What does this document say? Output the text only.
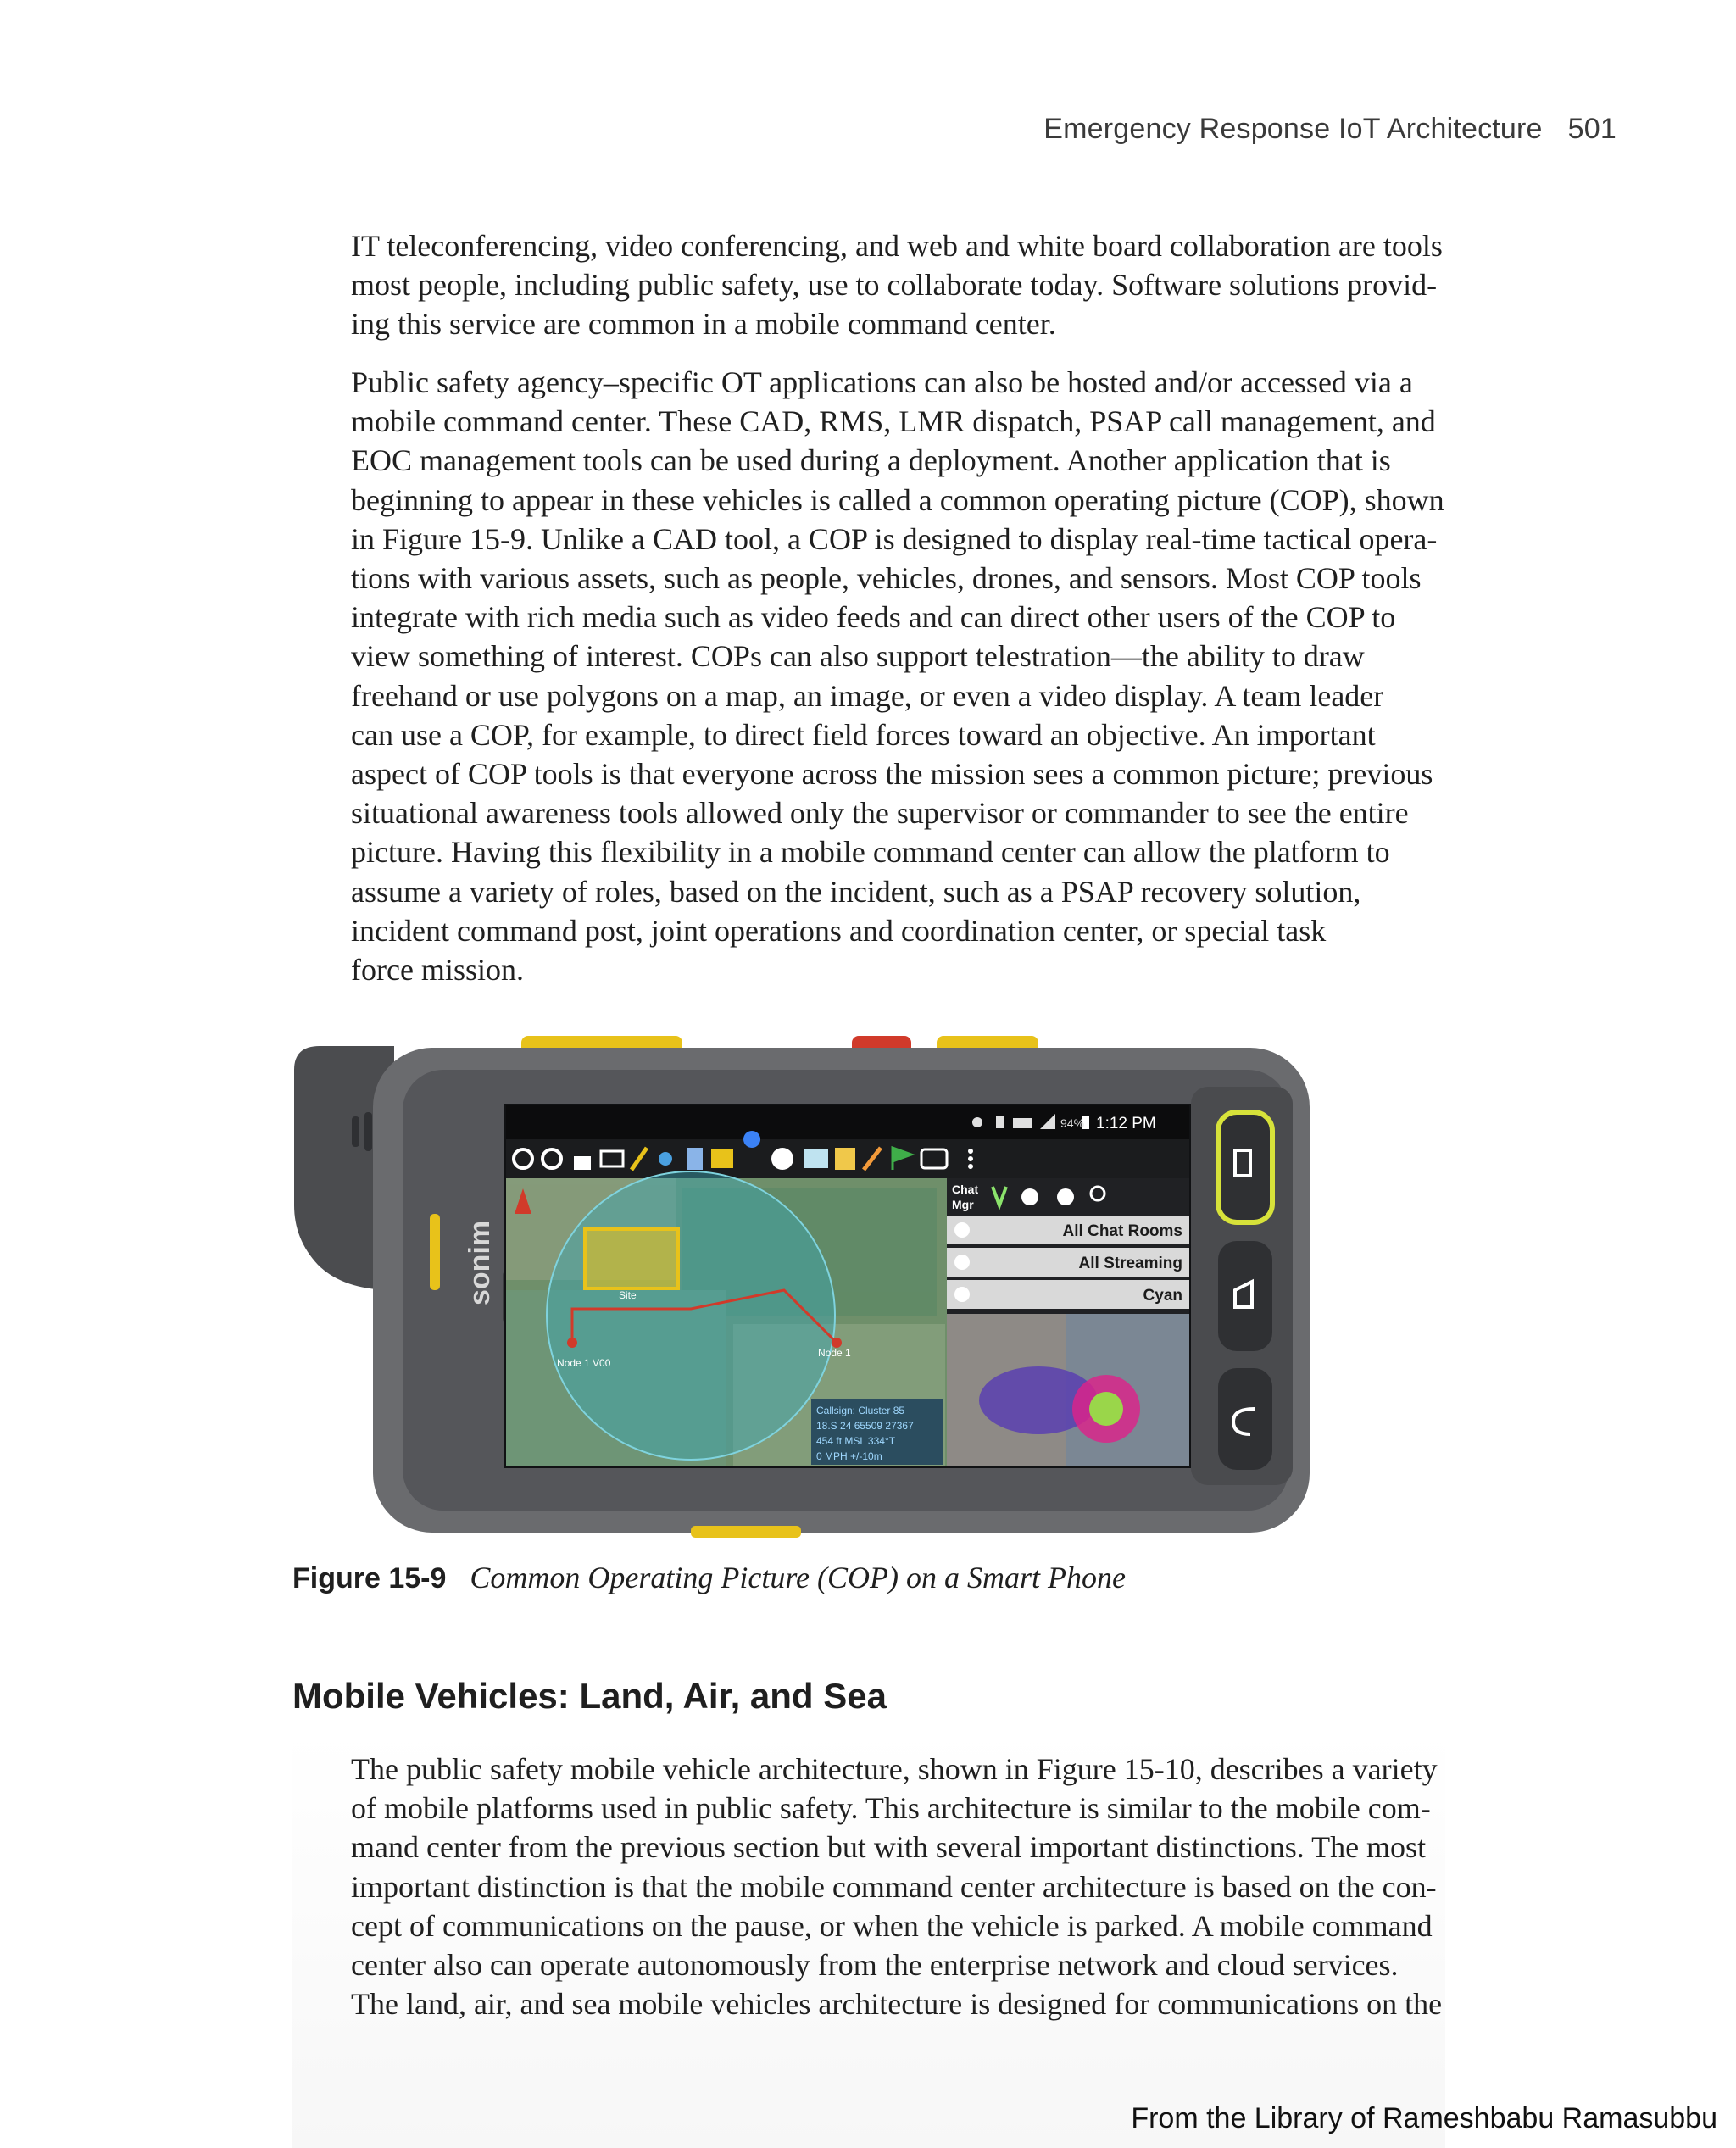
Emergency Response IoT Architecture 501

IT teleconferencing, video conferencing, and web and white board collaboration are tools
most people, including public safety, use to collaborate today. Software solutions provid-
ing this service are common in a mobile command center.

Public safety agency–specific OT applications can also be hosted and/or accessed via a
mobile command center. These CAD, RMS, LMR dispatch, PSAP call management, and
EOC management tools can be used during a deployment. Another application that is
beginning to appear in these vehicles is called a common operating picture (COP), shown
in Figure 15-9. Unlike a CAD tool, a COP is designed to display real-time tactical opera-
tions with various assets, such as people, vehicles, drones, and sensors. Most COP tools
integrate with rich media such as video feeds and can direct other users of the COP to
view something of interest. COPs can also support telestration—the ability to draw
freehand or use polygons on a map, an image, or even a video display. A team leader
can use a COP, for example, to direct field forces toward an objective. An important
aspect of COP tools is that everyone across the mission sees a common picture; previous
situational awareness tools allowed only the supervisor or commander to see the entire
picture. Having this flexibility in a mobile command center can allow the platform to
assume a variety of roles, based on the incident, such as a PSAP recovery solution,
incident command post, joint operations and coordination center, or special task
force mission.

sonim
94% 1:12 PM
Node 1 V00
Node 1
Site
Callsign: Cluster 85
18.S 24 65509 27367
454 ft MSL 334°T
0 MPH +/-10m
Chat
Mgr
All Chat Rooms
All Streaming
Cyan
Figure 15-9 Common Operating Picture (COP) on a Smart Phone
Mobile Vehicles: Land, Air, and Sea

The public safety mobile vehicle architecture, shown in Figure 15-10, describes a variety
of mobile platforms used in public safety. This architecture is similar to the mobile com-
mand center from the previous section but with several important distinctions. The most
important distinction is that the mobile command center architecture is based on the con-
cept of communications on the pause, or when the vehicle is parked. A mobile command
center also can operate autonomously from the enterprise network and cloud services.
The land, air, and sea mobile vehicles architecture is designed for communications on the

From the Library of Rameshbabu Ramasubbu
